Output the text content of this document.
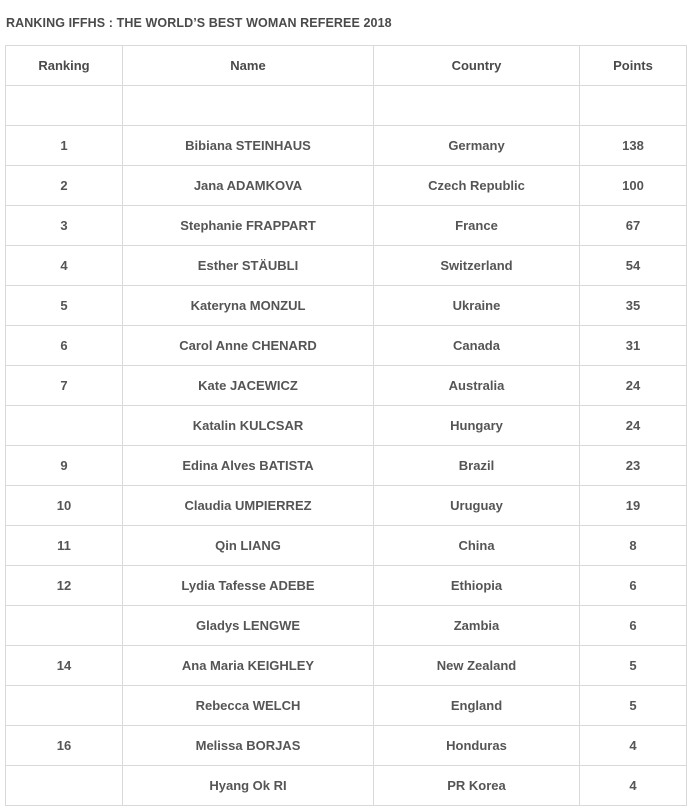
RANKING IFFHS : THE WORLD’S BEST WOMAN REFEREE 2018
Ranking	Name	Country	Points

1	Bibiana STEINHAUS	Germany	138
2	Jana ADAMKOVA	Czech Republic	100
3	Stephanie FRAPPART	France	67
4	Esther STÄUBLI	Switzerland	54
5	Kateryna MONZUL	Ukraine	35
6	Carol Anne CHENARD	Canada	31
7	Kate JACEWICZ	Australia	24
	Katalin KULCSAR	Hungary	24
9	Edina Alves BATISTA	Brazil	23
10	Claudia UMPIERREZ	Uruguay	19
11	Qin LIANG	China	8
12	Lydia Tafesse ADEBE	Ethiopia	6
	Gladys LENGWE	Zambia	6
14	Ana Maria KEIGHLEY	New Zealand	5
	Rebecca WELCH	England	5
16	Melissa BORJAS	Honduras	4
	Hyang Ok RI	PR Korea	4
